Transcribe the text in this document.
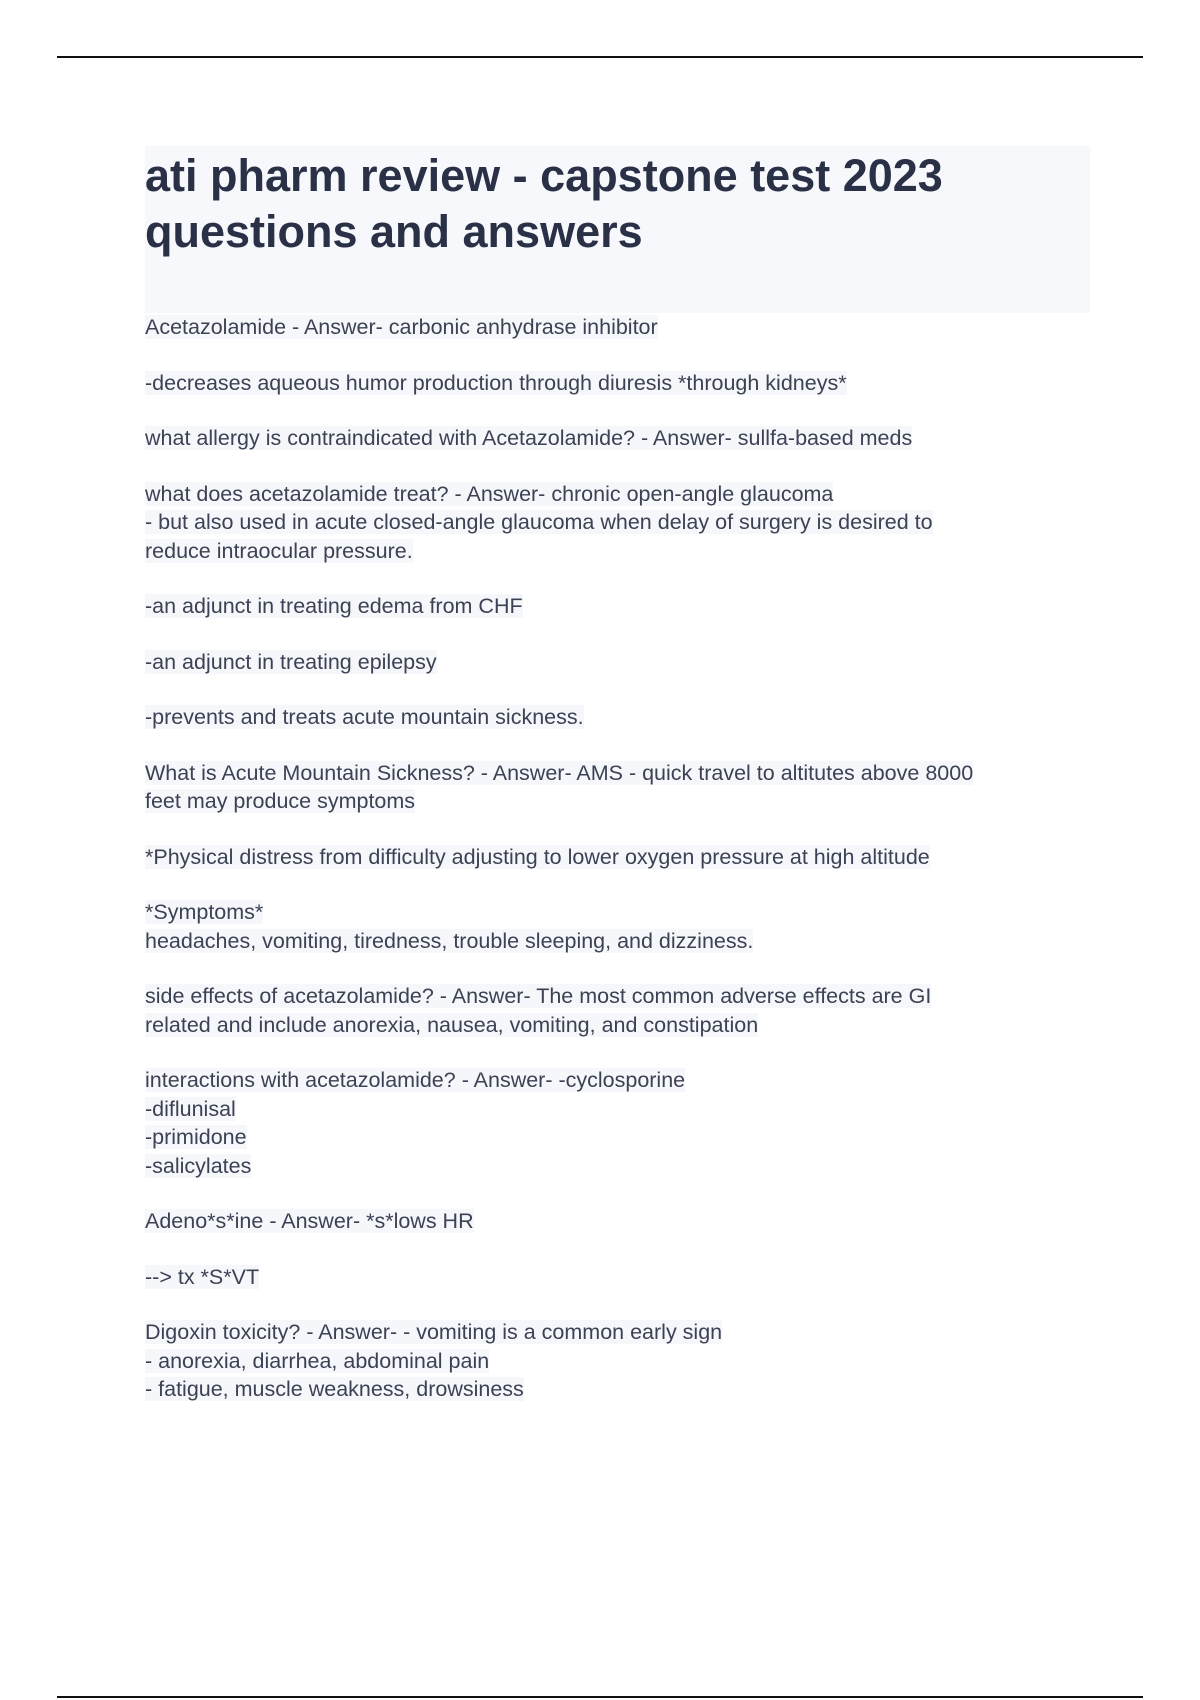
ati pharm review - capstone test 2023
questions and answers
Acetazolamide - Answer- carbonic anhydrase inhibitor
-decreases aqueous humor production through diuresis *through kidneys*
what allergy is contraindicated with Acetazolamide? - Answer- sullfa-based meds
what does acetazolamide treat? - Answer- chronic open-angle glaucoma
- but also used in acute closed-angle glaucoma when delay of surgery is desired to
reduce intraocular pressure.
-an adjunct in treating edema from CHF
-an adjunct in treating epilepsy
-prevents and treats acute mountain sickness.
What is Acute Mountain Sickness? - Answer- AMS - quick travel to altitutes above 8000
feet may produce symptoms
*Physical distress from difficulty adjusting to lower oxygen pressure at high altitude
*Symptoms*
headaches, vomiting, tiredness, trouble sleeping, and dizziness.
side effects of acetazolamide? - Answer- The most common adverse effects are GI
related and include anorexia, nausea, vomiting, and constipation
interactions with acetazolamide? - Answer- -cyclosporine
-diflunisal
-primidone
-salicylates
Adeno*s*ine - Answer- *s*lows HR
--> tx *S*VT
Digoxin toxicity? - Answer- - vomiting is a common early sign
- anorexia, diarrhea, abdominal pain
- fatigue, muscle weakness, drowsiness
